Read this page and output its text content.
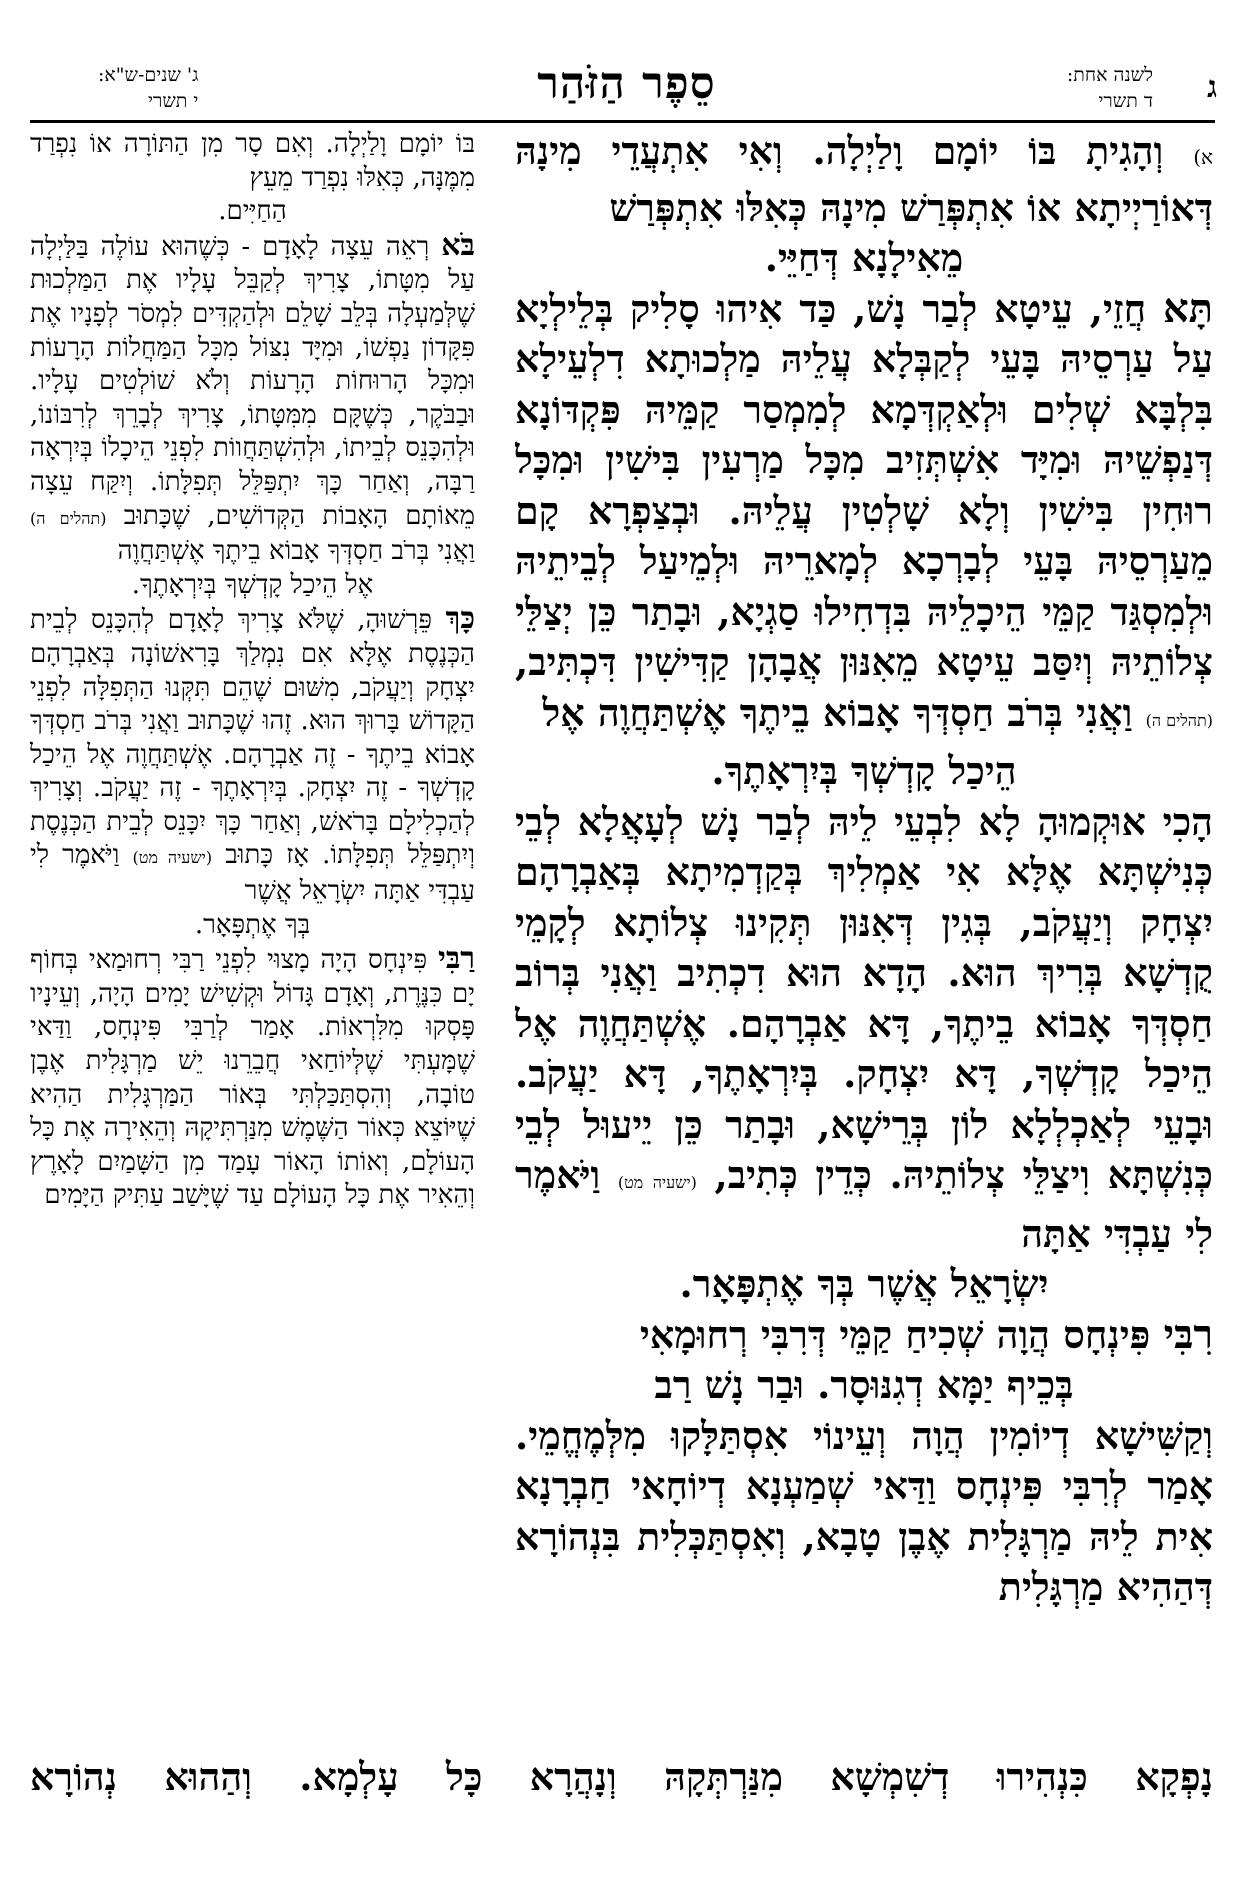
ג
לשנה אחת:
ד תשרי
סֵפֶר הַזֹּהַר
ג' שנים-ש"א:
י תשרי

א) וְהָגִיתָ בּוֹ יוֹמָם וָלַיְלָה. וְאִי אִתְעֲדֵי מִינָהּ דְּאוֹרַיְיתָא אוֹ אִתְפְּרַשׁ מִינָהּ כְּאִלּוּ אִתְפְּרַשׁ

מֵאִילָנָא דְּחַיֵּי.

תָּא חֲזֵי, עֵיטָא לְבַר נָשׁ, כַּד אִיהוּ סָלִיק בְּלֵילְיָא עַל עַרְסֵיהּ בָּעֵי לְקַבְּלָא עֲלֵיהּ מַלְכוּתָא דִלְעֵילָא בִּלְבָּא שְׁלִים וּלְאַקְדְּמָא לְמִמְסַר קַמֵּיהּ פִּקְדּוֹנָא דְּנַפְשֵׁיהּ וּמִיָּד אִשְׁתְּזִיב מִכָּל מַרְעִין בִּישִׁין וּמִכָּל רוּחִין בִּישִׁין וְלָא שָׁלְטִין עֲלֵיהּ. וּבְצַפְרָא קָם מֵעַרְסֵיהּ בָּעֵי לְבָרְכָא לְמָארֵיהּ וּלְמֵיעַל לְבֵיתֵיהּ וּלְמִסְגַּד קַמֵּי הֵיכָלֵיהּ בִּדְחִילוּ סַגְיָא, וּבָתַר כֵּן יְצַלֵּי צְלוֹתֵיהּ וְיִסַּב עֵיטָא מֵאִנּוּן אֲבָהָן קַדִּישִׁין דִּכְתִּיב, (תהלים ה) וַאֲנִי בְּרֹב חַסְדְּךָ אָבוֹא בֵיתֶךָ אֶשְׁתַּחֲוֶה אֶל

הֵיכַל קָדְשְׁךָ בְּיִרְאָתֶךָ.

הָכִי אוּקְמוּהָ לָא לִבְעֵי לֵיהּ לְבַר נָשׁ לְעָאֲלָא לְבֵי כְּנִישְׁתָּא אֶלָּא אִי אַמְלִיךְ בְּקַדְמִיתָא בְּאַבְרָהָם יִצְחָק וְיַעֲקֹב, בְּגִין דְּאִנּוּן תְּקִינוּ צְלוֹתָא לְקָמֵי קֻדְשָׁא בְּרִיךְ הוּא. הָדָא הוּא דִכְתִיב וַאֲנִי בְּרוֹב חַסְדְּךָ אָבוֹא בֵיתֶךָ, דָּא אַבְרָהָם. אֶשְׁתַּחֲוֶה אֶל הֵיכַל קָדְשְׁךָ, דָּא יִצְחָק. בְּיִרְאָתֶךָ, דָּא יַעֲקֹב. וּבָעֵי לְאַכְלְלָא לוֹן בְּרֵישָׁא, וּבָתַר כֵּן יֵיעוּל לְבֵי כְּנִשְׁתָּא וִיצַלֵּי צְלוֹתֵיהּ. כְּדֵין כְּתִיב, (ישעיה מט) וַיֹּאמֶר לִי עַבְדִּי אַתָּה

יִשְׂרָאֵל אֲשֶׁר בְּךָ אֶתְפָּאָר.

רִבִּי פִּינְחָס הֲוָה שְׁכִיחַ קַמֵּי דְּרִבִּי רְחוּמָאִי

בְּכֵיף יַמָּא דְגִנּוּסָר. וּבַר נָשׁ רַב

וְקַשִּׁישָׁא דְיוֹמִין הֲוָה וְעֵינוֹי אִסְתַּלָּקוּ מִלְּמֶחֱמֵי. אָמַר לְרִבִּי פִּינְחָס וַדַּאי שְׁמַעְנָא דְיוֹחָאי חַבְרָנָא אִית לֵיהּ מַרְגָּלִית אֶבֶן טָבָא, וְאִסְתַּכְּלִית בִּנְהוֹרָא דְּהַהִיא מַרְגָּלִית

בּוֹ יוֹמָם וָלַיְלָה. וְאִם סָר מִן הַתּוֹרָה אוֹ נִפְרַד מִמֶּנָּה, כְּאִלּוּ נִפְרַד מֵעֵץ

הַחַיִּים.

בֹּא רְאֵה עֵצָה לָאָדָם - כְּשֶׁהוּא עוֹלֶה בַּלַּיְלָה עַל מִטָּתוֹ, צָרִיךְ לְקַבֵּל עָלָיו אֶת הַמַּלְכוּת שֶׁלְּמַעְלָה בְּלֵב שָׁלֵם וּלְהַקְדִּים לִמְסֹר לְפָנָיו אֶת פִּקָּדוֹן נַפְשׁוֹ, וּמִיָּד נִצּוֹל מִכָּל הַמַּחֲלוֹת הָרָעוֹת וּמִכָּל הָרוּחוֹת הָרָעוֹת וְלֹא שׁוֹלְטִים עָלָיו. וּבַבֹּקֶר, כְּשֶׁקָּם מִמִּטָּתוֹ, צָרִיךְ לְבָרֵךְ לְרִבּוֹנוֹ, וּלְהִכָּנֵס לְבֵיתוֹ, וּלְהִשְׁתַּחֲווֹת לִפְנֵי הֵיכָלוֹ בְּיִרְאָה רַבָּה, וְאַחַר כָּךְ יִתְפַּלֵּל תְּפִלָּתוֹ. וְיִקַּח עֵצָה מֵאוֹתָם הָאָבוֹת הַקְּדוֹשִׁים, שֶׁכָּתוּב (תהלים ה) וַאֲנִי בְּרֹב חַסְדְּךָ אָבוֹא בֵיתֶךָ אֶשְׁתַּחֲוֶה

אֶל הֵיכַל קָדְשְׁךָ בְּיִרְאָתֶךָ.

כָּךְ פֵּרְשׁוּהָ, שֶׁלֹּא צָרִיךְ לָאָדָם לְהִכָּנֵס לְבֵית הַכְּנֶסֶת אֶלָּא אִם נִמְלַךְ בָּרִאשׁוֹנָה בְּאַבְרָהָם יִצְחָק וְיַעֲקֹב, מִשּׁוּם שֶׁהֵם תִּקְּנוּ הַתְּפִלָּה לִפְנֵי הַקָּדוֹשׁ בָּרוּךְ הוּא. זֶהוּ שֶׁכָּתוּב וַאֲנִי בְּרֹב חַסְדְּךָ אָבוֹא בֵיתֶךָ - זֶה אַבְרָהָם. אֶשְׁתַּחֲוֶה אֶל הֵיכַל קָדְשְׁךָ - זֶה יִצְחָק. בְּיִרְאָתֶךָ - זֶה יַעֲקֹב. וְצָרִיךְ לְהַכְלִילָם בָּרֹאשׁ, וְאַחַר כָּךְ יִכָּנֵס לְבֵית הַכְּנֶסֶת וְיִתְפַּלֵּל תְּפִלָּתוֹ. אָז כָּתוּב (ישעיה מט) וַיֹּאמֶר לִי עַבְדִּי אַתָּה יִשְׂרָאֵל אֲשֶׁר

בְּךָ אֶתְפָּאָר.

רַבִּי פִּינְחָס הָיָה מָצוּי לִפְנֵי רַבִּי רְחוּמַאי בְּחוֹף יָם כִּנֶּרֶת, וְאָדָם גָּדוֹל וּקְשִׁישׁ יָמִים הָיָה, וְעֵינָיו פָּסְקוּ מִלִּרְאוֹת. אָמַר לְרַבִּי פִּינְחָס, וַדַּאי שֶׁמָּעְתִּי שֶׁלְּיוֹחַאי חֲבֵרֵנוּ יֵשׁ מַרְגָּלִית אֶבֶן טוֹבָה, וְהִסְתַּכַּלְתִּי בְּאוֹר הַמַּרְגָּלִית הַהִיא שֶׁיּוֹצֵא כְּאוֹר הַשֶּׁמֶשׁ מִנַּרְתִּיקָהּ וְהֵאִירָה אֶת כָּל הָעוֹלָם, וְאוֹתוֹ הָאוֹר עָמַד מִן הַשָּׁמַיִם לָאָרֶץ וְהֵאִיר אֶת כָּל הָעוֹלָם עַד שֶׁיָּשַׁב עַתִּיק הַיָּמִים

נָפְקָא כִּנְהִירוּ דְשִׁמְשָׁא מִנַּרְתְּקָהּ וְנָהֲרָא כָּל עָלְמָא. וְהַהוּא נְהוֹרָא
